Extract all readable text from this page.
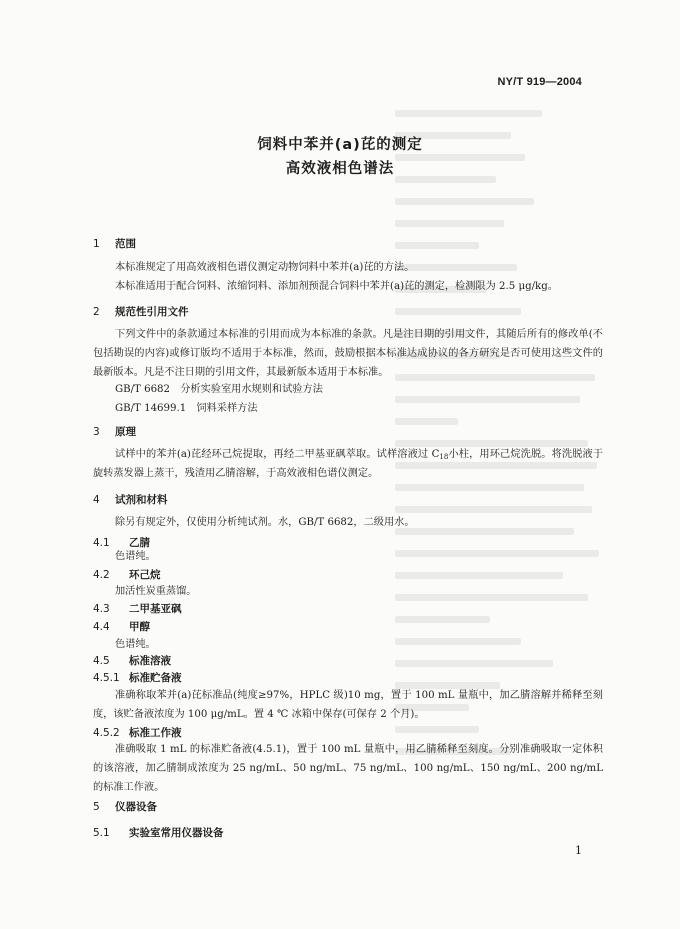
NY/T 919—2004
饲料中苯并(a)芘的测定
高效液相色谱法
1 范围
本标准规定了用高效液相色谱仪测定动物饲料中苯并(a)芘的方法。
本标准适用于配合饲料、浓缩饲料、添加剂预混合饲料中苯并(a)芘的测定，检测限为 2.5 μg/kg。
2 规范性引用文件
下列文件中的条款通过本标准的引用而成为本标准的条款。凡是注日期的引用文件，其随后所有的修改单(不包括勘误的内容)或修订版均不适用于本标准，然而，鼓励根据本标准达成协议的各方研究是否可使用这些文件的最新版本。凡是不注日期的引用文件，其最新版本适用于本标准。
GB/T 6682　分析实验室用水规则和试验方法
GB/T 14699.1　饲料采样方法
3 原理
试样中的苯并(a)芘经环己烷提取，再经二甲基亚砜萃取。试样溶液过 $C_{18}$小柱，用环己烷洗脱。将洗脱液于旋转蒸发器上蒸干，残渣用乙腈溶解，于高效液相色谱仪测定。
4 试剂和材料
除另有规定外，仅使用分析纯试剂。水，GB/T 6682，二级用水。
4.1 乙腈
色谱纯。
4.2 环己烷
加活性炭重蒸馏。
4.3 二甲基亚砜
4.4 甲醇
色谱纯。
4.5 标准溶液
4.5.1 标准贮备液
准确称取苯并(a)芘标准品(纯度≥97%，HPLC 级)10 mg，置于 100 mL 量瓶中，加乙腈溶解并稀释至刻度，该贮备液浓度为 100 μg/mL。置 4 ℃ 冰箱中保存(可保存 2 个月)。
4.5.2 标准工作液
准确吸取 1 mL 的标准贮备液(4.5.1)，置于 100 mL 量瓶中，用乙腈稀释至刻度。分别准确吸取一定体积的该溶液，加乙腈制成浓度为 25 ng/mL、50 ng/mL、75 ng/mL、100 ng/mL、150 ng/mL、200 ng/mL 的标准工作液。
5 仪器设备
5.1 实验室常用仪器设备
1
